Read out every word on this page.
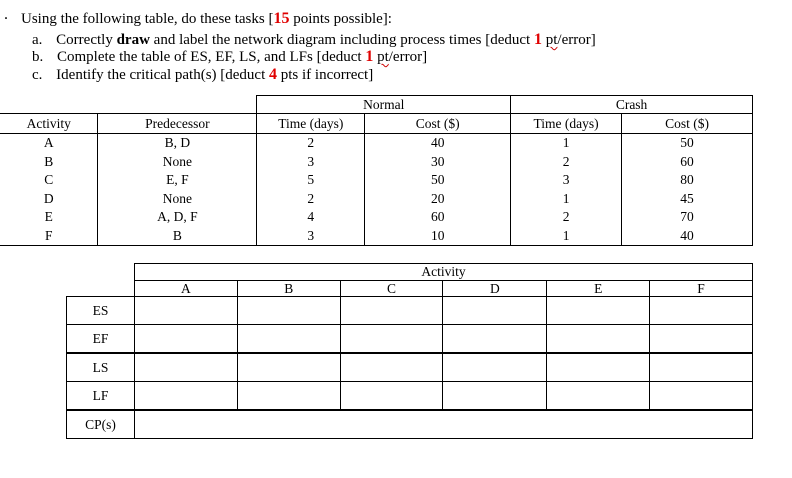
. Using the following table, do these tasks [15 points possible]:
a. Correctly draw and label the network diagram including process times [deduct 1 pt/error]
b. Complete the table of ES, EF, LS, and LFs [deduct 1 pt/error]
c. Identify the critical path(s) [deduct 4 pts if incorrect]
		Normal		Crash	
Activity	Predecessor	Time (days)	Cost ($)	Time (days)	Cost ($)
A	B, D	2	40	1	50
B	None	3	30	2	60
C	E, F	5	50	3	80
D	None	2	20	1	45
E	A, D, F	4	60	2	70
F	B	3	10	1	40
	Activity					
	A	B	C	D	E	F
ES						
EF						
LS						
LF						
CP(s)						
